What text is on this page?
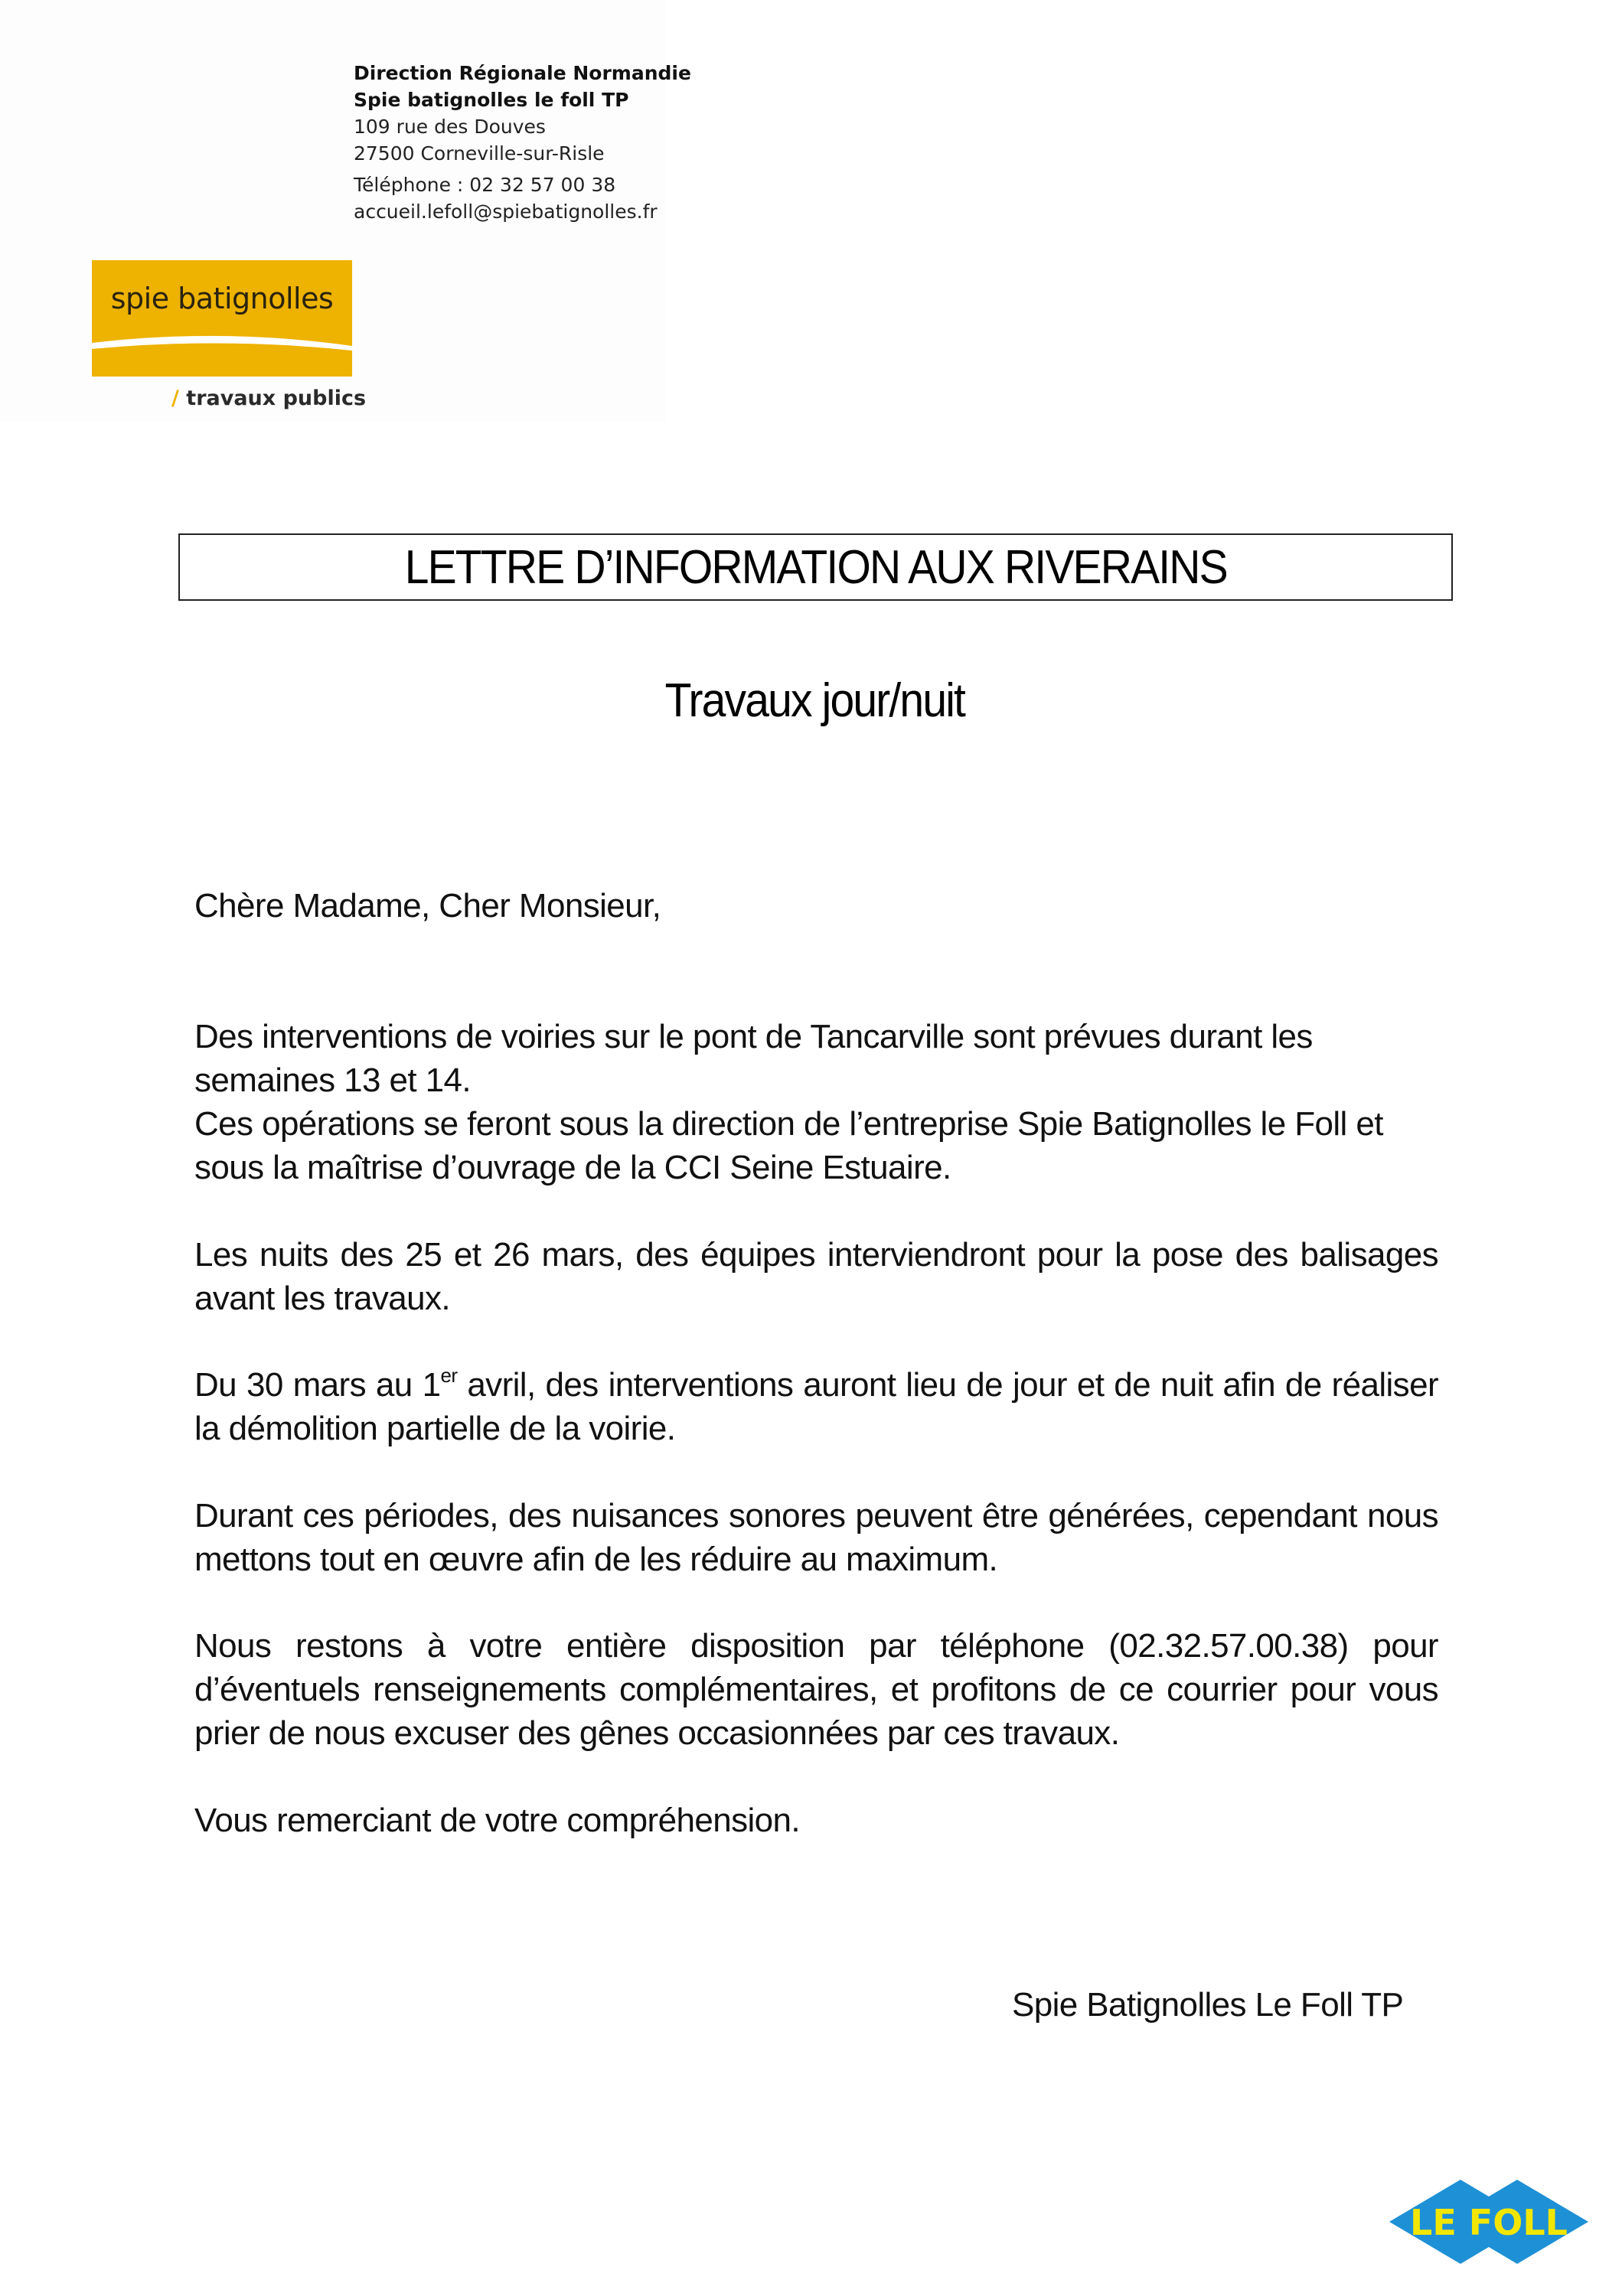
Direction Régionale Normandie
Spie batignolles le foll TP
109 rue des Douves
27500 Corneville-sur-Risle
Téléphone : 02 32 57 00 38
accueil.lefoll@spiebatignolles.fr
spie batignolles
/ travaux publics
LETTRE D’INFORMATION AUX RIVERAINS
Travaux jour/nuit

Chère Madame, Cher Monsieur,

Des interventions de voiries sur le pont de Tancarville sont prévues durant les semaines 13 et 14.

Ces opérations se feront sous la direction de l’entreprise Spie Batignolles le Foll et sous la maîtrise d’ouvrage de la CCI Seine Estuaire.

Les nuits des 25 et 26 mars, des équipes interviendront pour la pose des balisages avant les travaux.

Du 30 mars au 1er avril, des interventions auront lieu de jour et de nuit afin de réaliser la démolition partielle de la voirie.

Durant ces périodes, des nuisances sonores peuvent être générées, cependant nous mettons tout en œuvre afin de les réduire au maximum.

Nous restons à votre entière disposition par téléphone (02.32.57.00.38) pour d’éventuels renseignements complémentaires, et profitons de ce courrier pour vous prier de nous excuser des gênes occasionnées par ces travaux.

Vous remerciant de votre compréhension.

Spie Batignolles Le Foll TP
LE FOLL
